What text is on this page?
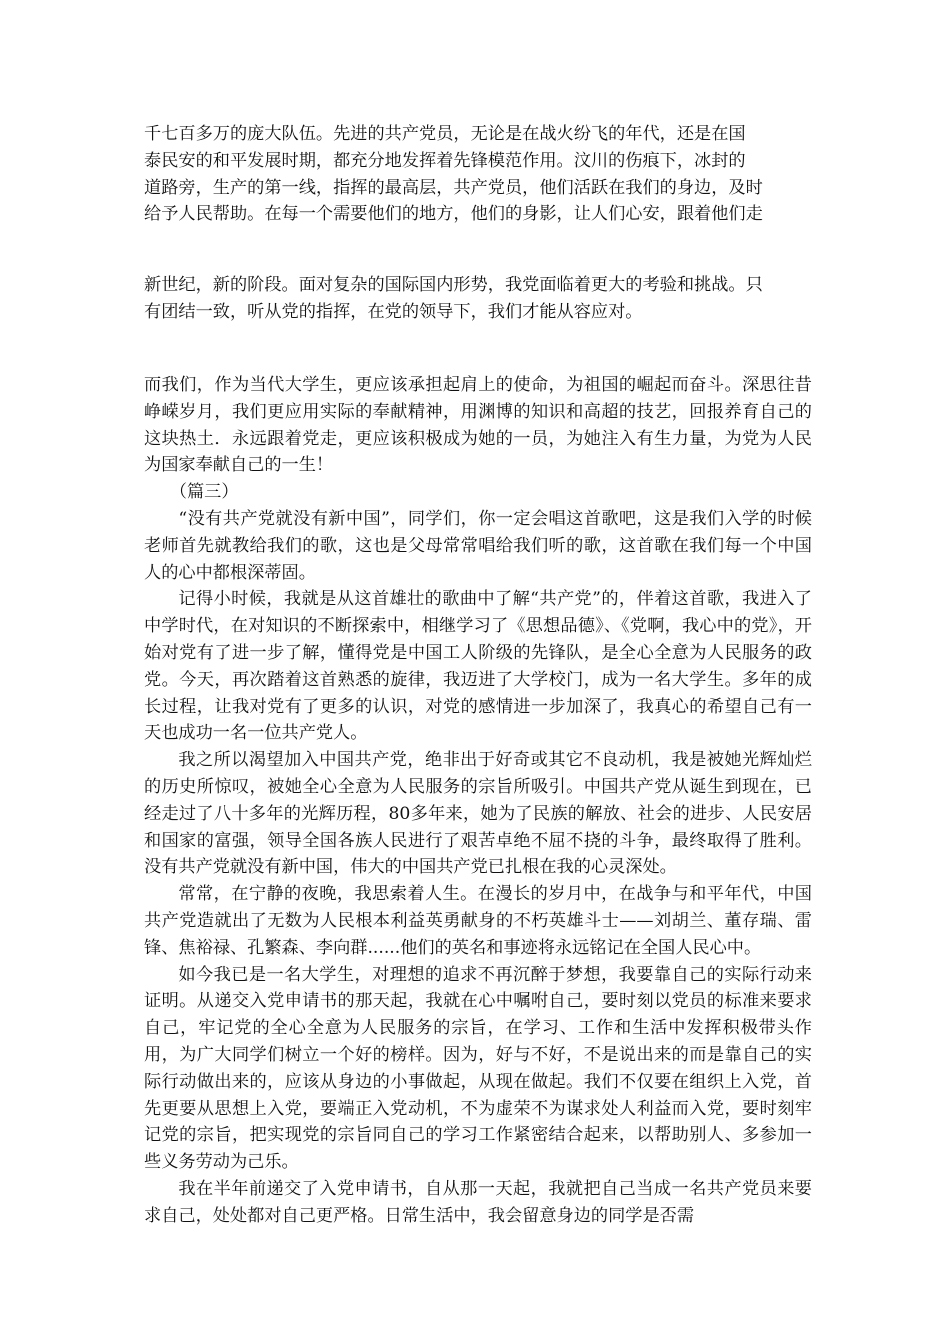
千七百多万的庞大队伍。先进的共产党员，无论是在战火纷飞的年代，还是在国

泰民安的和平发展时期，都充分地发挥着先锋模范作用。汶川的伤痕下，冰封的

道路旁，生产的第一线，指挥的最高层，共产党员，他们活跃在我们的身边，及时

给予人民帮助。在每一个需要他们的地方，他们的身影，让人们心安，跟着他们走

新世纪，新的阶段。面对复杂的国际国内形势，我党面临着更大的考验和挑战。只

有团结一致，听从党的指挥，在党的领导下，我们才能从容应对。

而我们，作为当代大学生，更应该承担起肩上的使命，为祖国的崛起而奋斗。深思往昔峥嵘岁月，我们更应用实际的奉献精神，用渊博的知识和高超的技艺，回报养育自己的这块热土．永远跟着党走，更应该积极成为她的一员，为她注入有生力量，为党为人民为国家奉献自己的一生！

（篇三）

“没有共产党就没有新中国”，同学们，你一定会唱这首歌吧，这是我们入学的时候老师首先就教给我们的歌，这也是父母常常唱给我们听的歌，这首歌在我们每一个中国人的心中都根深蒂固。

记得小时候，我就是从这首雄壮的歌曲中了解“共产党”的，伴着这首歌，我进入了中学时代，在对知识的不断探索中，相继学习了《思想品德》、《党啊，我心中的党》，开始对党有了进一步了解，懂得党是中国工人阶级的先锋队，是全心全意为人民服务的政党。今天，再次踏着这首熟悉的旋律，我迈进了大学校门，成为一名大学生。多年的成长过程，让我对党有了更多的认识，对党的感情进一步加深了，我真心的希望自己有一天也成功一名一位共产党人。

我之所以渴望加入中国共产党，绝非出于好奇或其它不良动机，我是被她光辉灿烂的历史所惊叹，被她全心全意为人民服务的宗旨所吸引。中国共产党从诞生到现在，已经走过了八十多年的光辉历程，80多年来，她为了民族的解放、社会的进步、人民安居和国家的富强，领导全国各族人民进行了艰苦卓绝不屈不挠的斗争，最终取得了胜利。没有共产党就没有新中国，伟大的中国共产党已扎根在我的心灵深处。

常常，在宁静的夜晚，我思索着人生。在漫长的岁月中，在战争与和平年代，中国共产党造就出了无数为人民根本利益英勇献身的不朽英雄斗士——刘胡兰、董存瑞、雷锋、焦裕禄、孔繁森、李向群......他们的英名和事迹将永远铭记在全国人民心中。

如今我已是一名大学生，对理想的追求不再沉醉于梦想，我要靠自己的实际行动来证明。从递交入党申请书的那天起，我就在心中嘱咐自己，要时刻以党员的标准来要求自己，牢记党的全心全意为人民服务的宗旨，在学习、工作和生活中发挥积极带头作用，为广大同学们树立一个好的榜样。因为，好与不好，不是说出来的而是靠自己的实际行动做出来的，应该从身边的小事做起，从现在做起。我们不仅要在组织上入党，首先更要从思想上入党，要端正入党动机，不为虚荣不为谋求处人利益而入党，要时刻牢记党的宗旨，把实现党的宗旨同自己的学习工作紧密结合起来，以帮助别人、多参加一些义务劳动为己乐。

我在半年前递交了入党申请书，自从那一天起，我就把自己当成一名共产党员来要求自己，处处都对自己更严格。日常生活中，我会留意身边的同学是否需
